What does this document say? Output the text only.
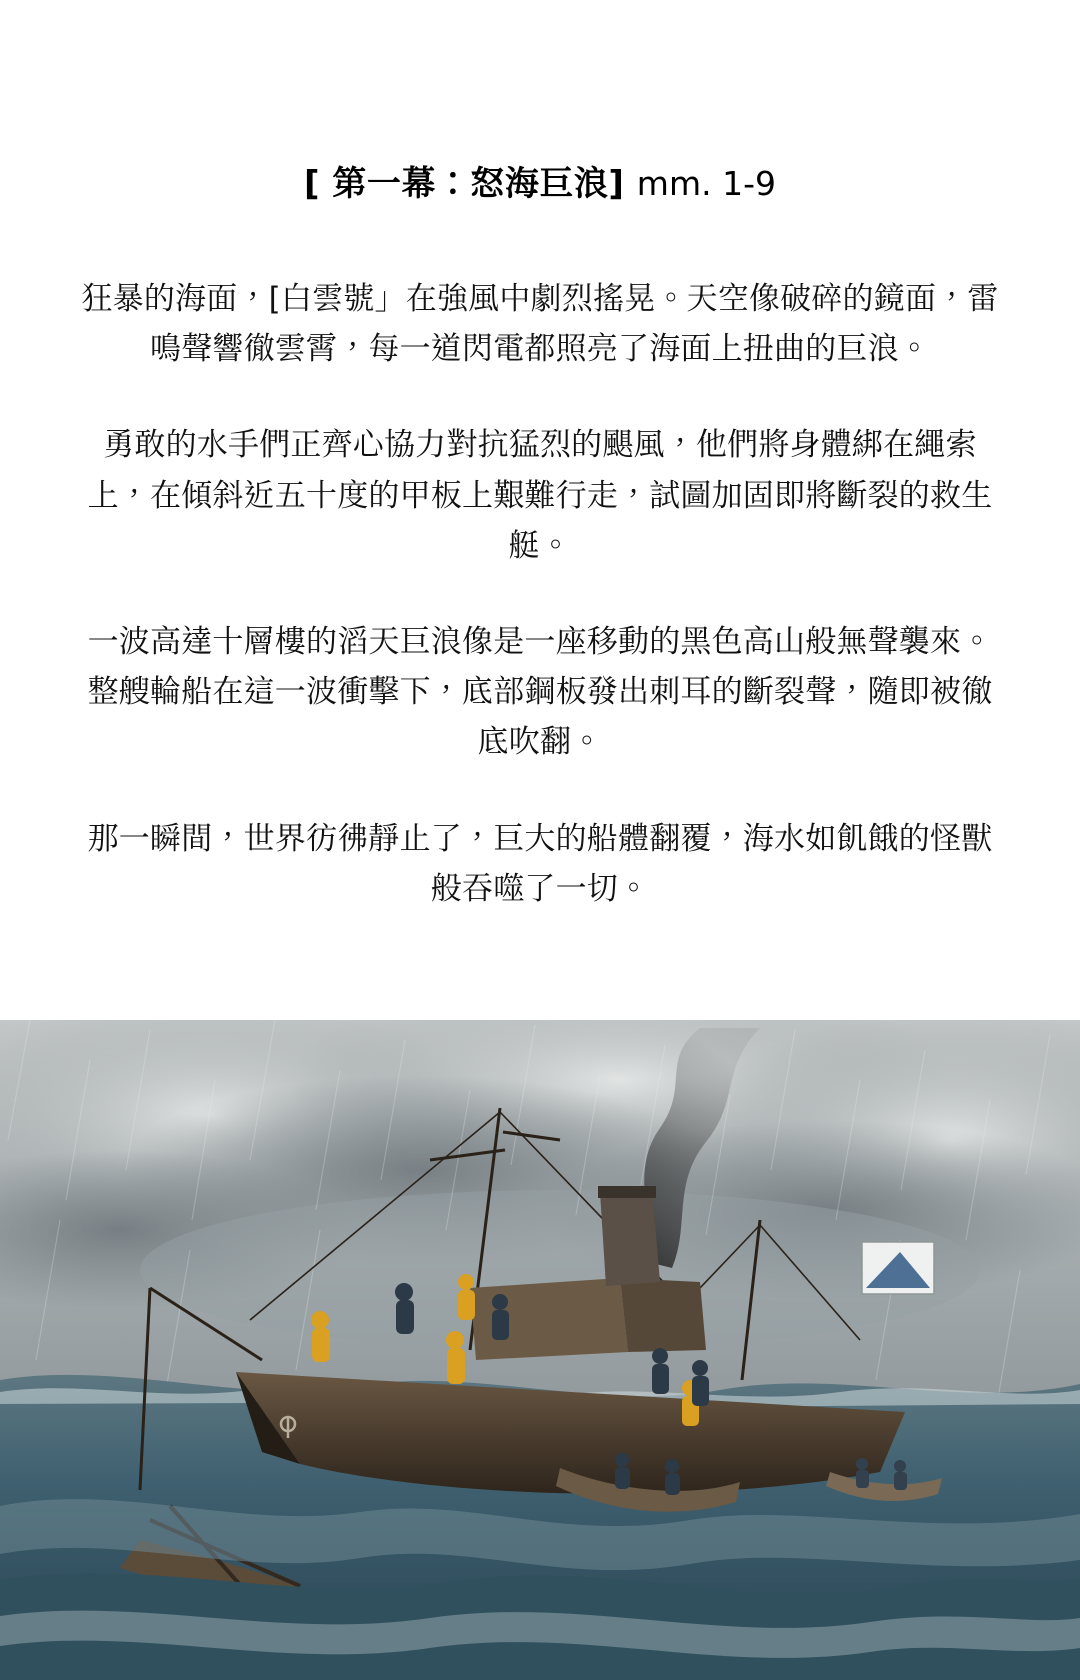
[ 第一幕：怒海巨浪] mm. 1-9

狂暴的海面，[白雲號」在強風中劇烈搖晃。天空像破碎的鏡面，雷鳴聲響徹雲霄，每一道閃電都照亮了海面上扭曲的巨浪。

勇敢的水手們正齊心協力對抗猛烈的颶風，他們將身體綁在繩索上，在傾斜近五十度的甲板上艱難行走，試圖加固即將斷裂的救生艇。

一波高達十層樓的滔天巨浪像是一座移動的黑色高山般無聲襲來。整艘輪船在這一波衝擊下，底部鋼板發出刺耳的斷裂聲，隨即被徹底吹翻。

那一瞬間，世界彷彿靜止了，巨大的船體翻覆，海水如飢餓的怪獸般吞噬了一切。
